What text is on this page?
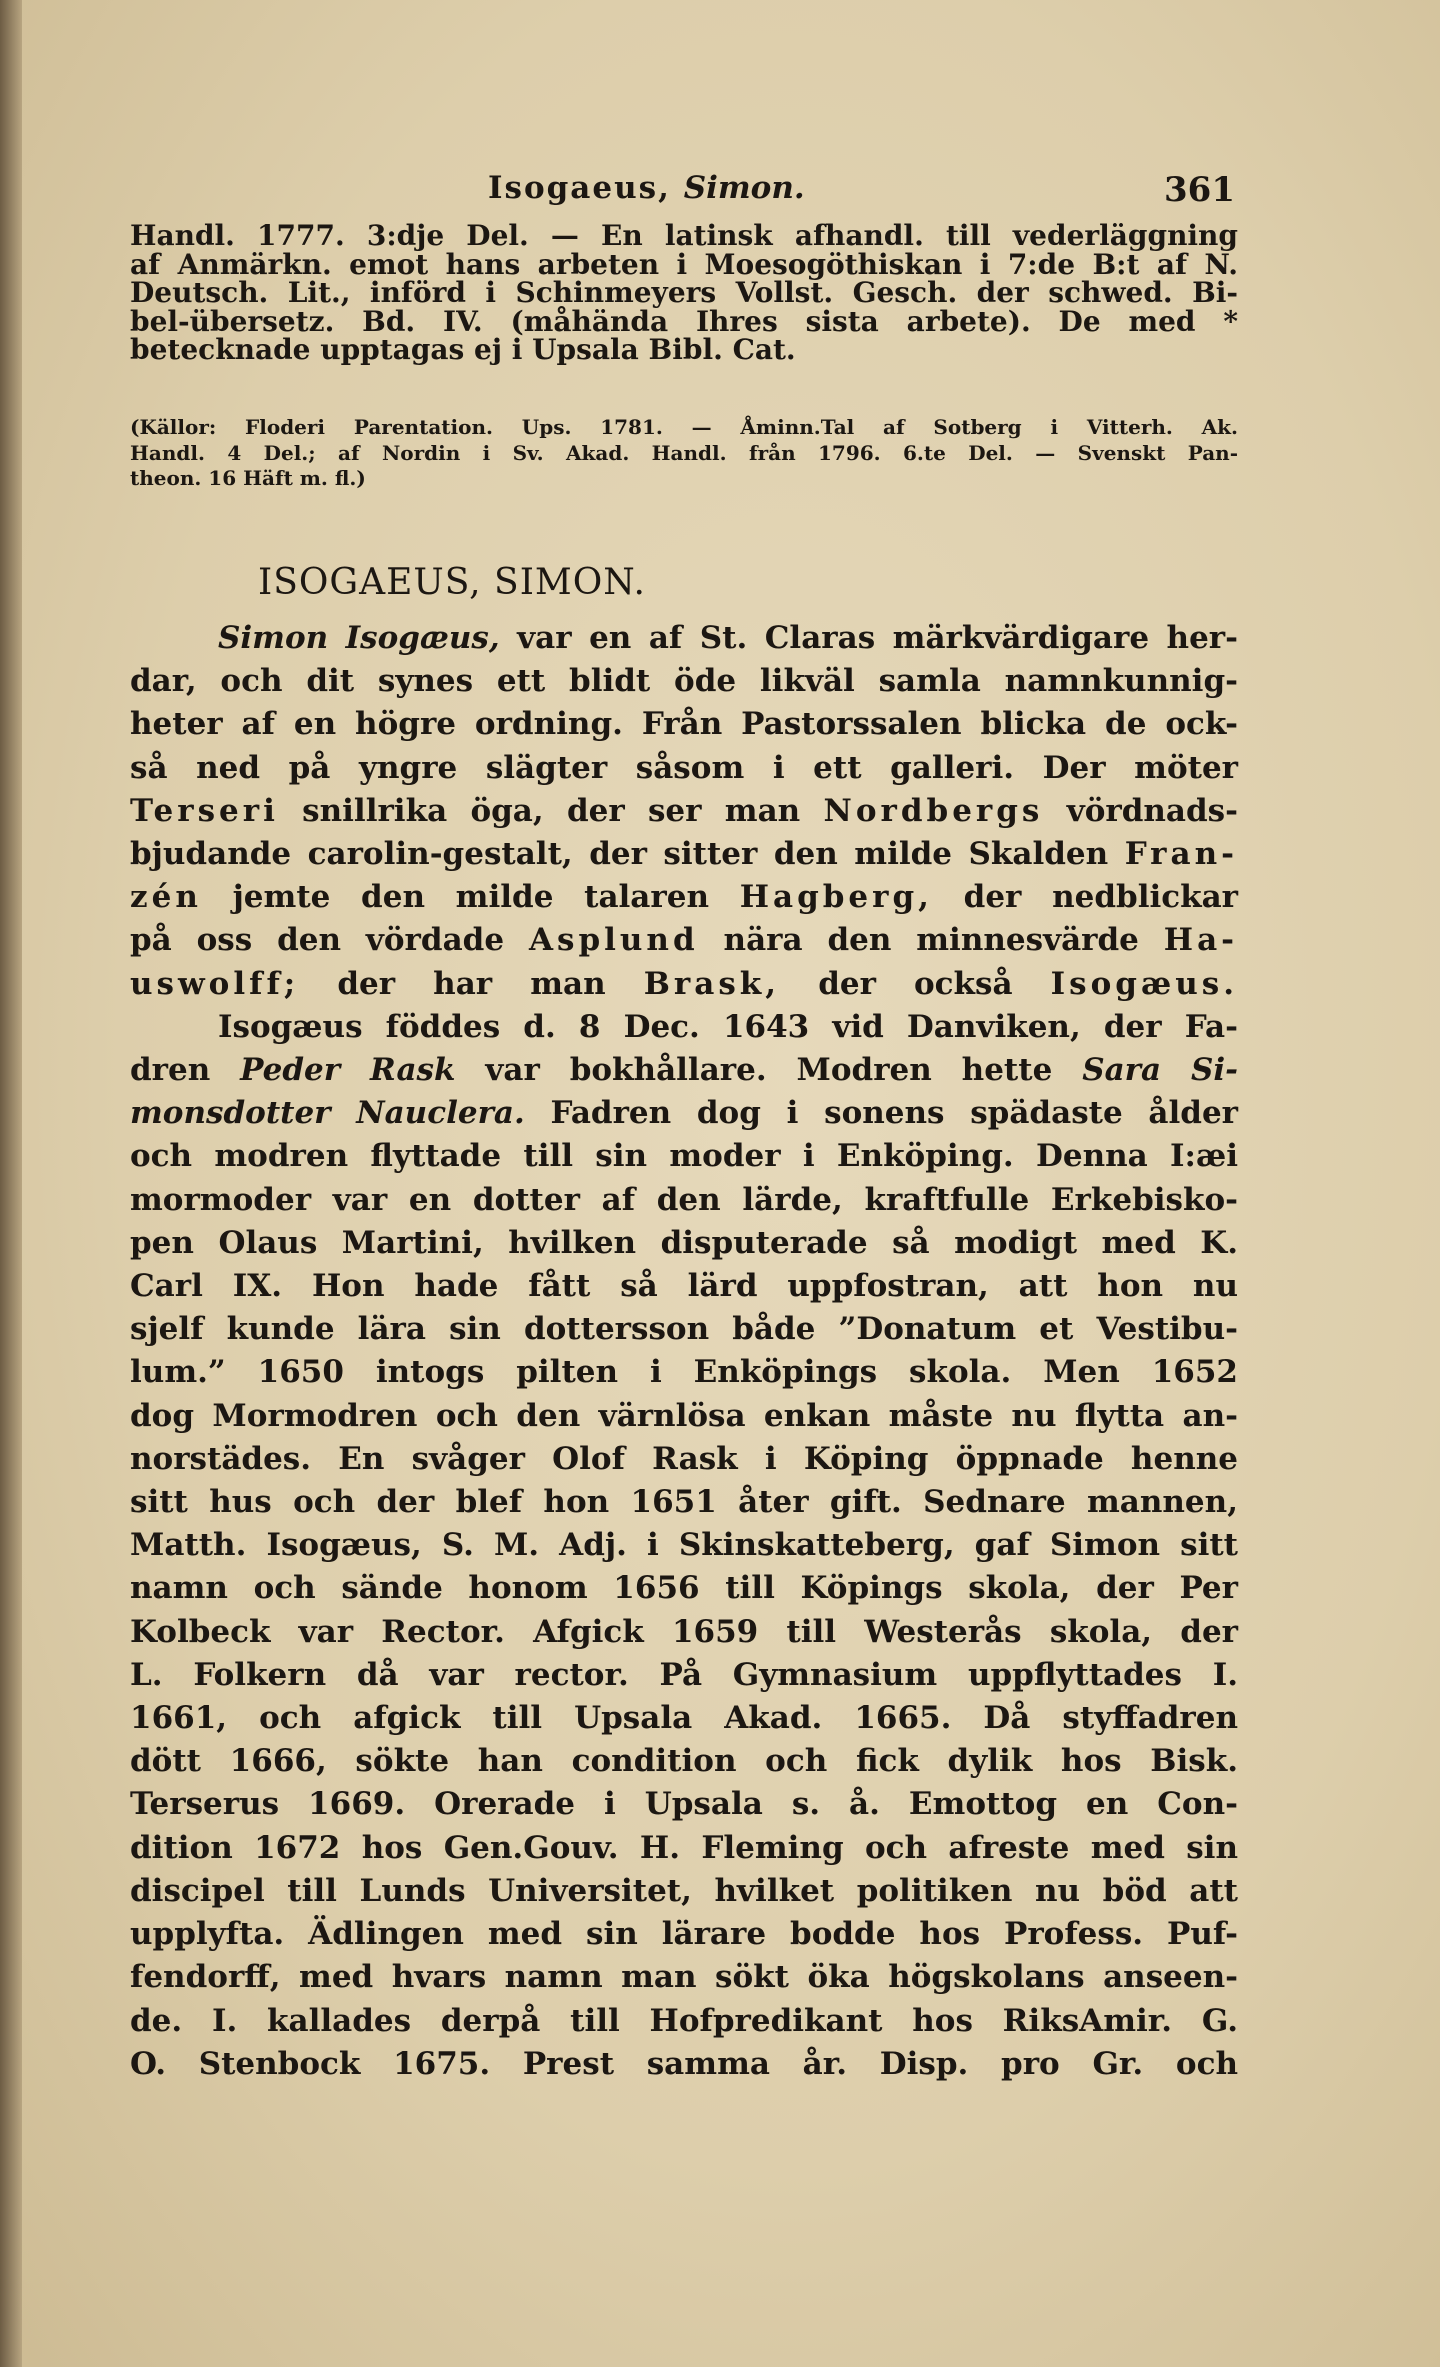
Isogaeus, Simon.	361
Handl. 1777. 3:dje Del. — En latinsk afhandl. till vederläggning
af Anmärkn. emot hans arbeten i Moesogöthiskan i 7:de B:t af N.
Deutsch. Lit., införd i Schinmeyers Vollst. Gesch. der schwed. Bi-
bel-übersetz. Bd. IV. (måhända Ihres sista arbete). De med *
betecknade upptagas ej i Upsala Bibl. Cat.
(Källor: Floderi Parentation. Ups. 1781. — Åminn.Tal af Sotberg i Vitterh. Ak.
Handl. 4 Del.; af Nordin i Sv. Akad. Handl. från 1796. 6.te Del. — Svenskt Pan-
theon. 16 Häft m. fl.)
ISOGAEUS, SIMON.
Simon Isogæus, var en af St. Claras märkvärdigare her-
dar, och dit synes ett blidt öde likväl samla namnkunnig-
heter af en högre ordning. Från Pastorssalen blicka de ock-
så ned på yngre slägter såsom i ett galleri. Der möter
Terseri snillrika öga, der ser man Nordbergs vördnads-
bjudande carolin-gestalt, der sitter den milde Skalden Fran-
zén jemte den milde talaren Hagberg, der nedblickar
på oss den vördade Asplund nära den minnesvärde Ha-
uswolff; der har man Brask, der också Isogæus.
Isogæus föddes d. 8 Dec. 1643 vid Danviken, der Fa-
dren Peder Rask var bokhållare. Modren hette Sara Si-
monsdotter Nauclera. Fadren dog i sonens spädaste ålder
och modren flyttade till sin moder i Enköping. Denna I:æi
mormoder var en dotter af den lärde, kraftfulle Erkebisko-
pen Olaus Martini, hvilken disputerade så modigt med K.
Carl IX. Hon hade fått så lärd uppfostran, att hon nu
sjelf kunde lära sin dottersson både ”Donatum et Vestibu-
lum.” 1650 intogs pilten i Enköpings skola. Men 1652
dog Mormodren och den värnlösa enkan måste nu flytta an-
norstädes. En svåger Olof Rask i Köping öppnade henne
sitt hus och der blef hon 1651 åter gift. Sednare mannen,
Matth. Isogæus, S. M. Adj. i Skinskatteberg, gaf Simon sitt
namn och sände honom 1656 till Köpings skola, der Per
Kolbeck var Rector. Afgick 1659 till Westerås skola, der
L. Folkern då var rector. På Gymnasium uppflyttades I.
1661, och afgick till Upsala Akad. 1665. Då styffadren
dött 1666, sökte han condition och fick dylik hos Bisk.
Terserus 1669. Orerade i Upsala s. å. Emottog en Con-
dition 1672 hos Gen.Gouv. H. Fleming och afreste med sin
discipel till Lunds Universitet, hvilket politiken nu böd att
upplyfta. Ädlingen med sin lärare bodde hos Profess. Puf-
fendorff, med hvars namn man sökt öka högskolans anseen-
de. I. kallades derpå till Hofpredikant hos RiksAmir. G.
O. Stenbock 1675. Prest samma år. Disp. pro Gr. och
